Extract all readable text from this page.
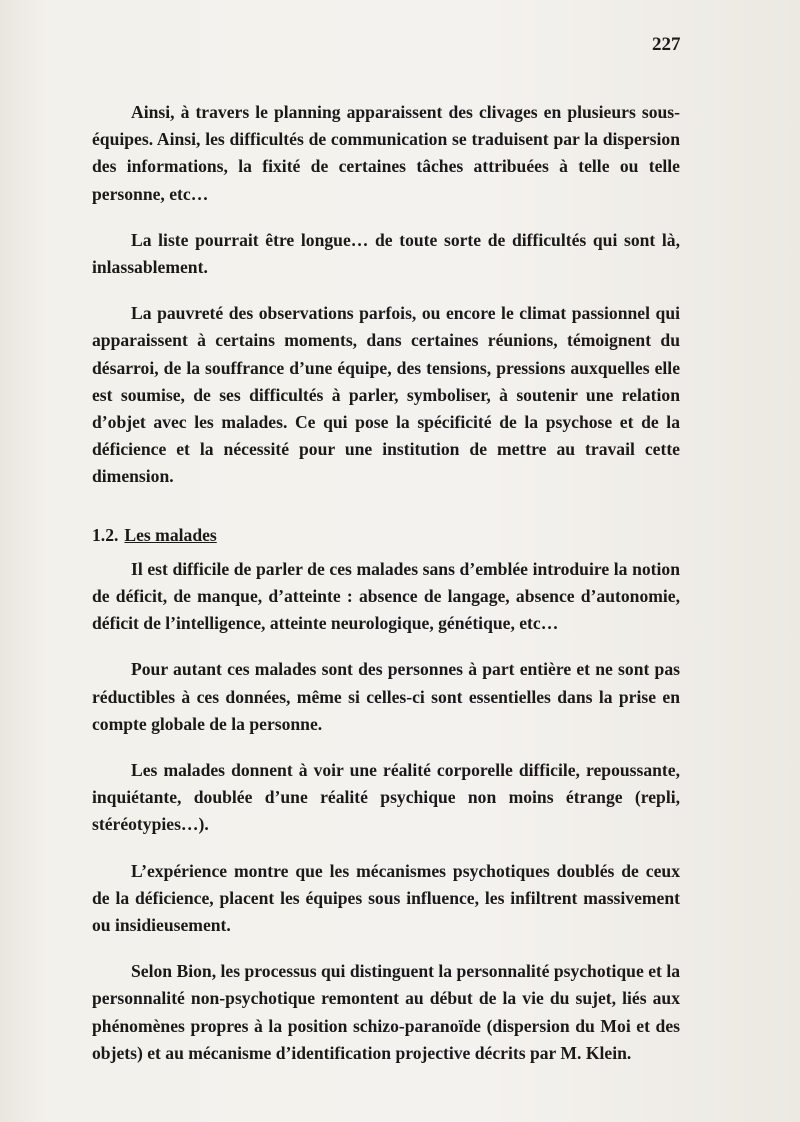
227

Ainsi, à travers le planning apparaissent des clivages en plusieurs sous-équipes. Ainsi, les difficultés de communication se traduisent par la dispersion des informations, la fixité de certaines tâches attribuées à telle ou telle personne, etc…

La liste pourrait être longue… de toute sorte de difficultés qui sont là, inlassablement.

La pauvreté des observations parfois, ou encore le climat passionnel qui apparaissent à certains moments, dans certaines réunions, témoignent du désarroi, de la souffrance d’une équipe, des tensions, pressions auxquelles elle est soumise, de ses difficultés à parler, symboliser, à soutenir une relation d’objet avec les malades. Ce qui pose la spécificité de la psychose et de la déficience et la nécessité pour une institution de mettre au travail cette dimension.

1.2. Les malades

Il est difficile de parler de ces malades sans d’emblée introduire la notion de déficit, de manque, d’atteinte : absence de langage, absence d’autonomie, déficit de l’intelligence, atteinte neurologique, génétique, etc…

Pour autant ces malades sont des personnes à part entière et ne sont pas réductibles à ces données, même si celles-ci sont essentielles dans la prise en compte globale de la personne.

Les malades donnent à voir une réalité corporelle difficile, repoussante, inquiétante, doublée d’une réalité psychique non moins étrange (repli, stéréotypies…).

L’expérience montre que les mécanismes psychotiques doublés de ceux de la déficience, placent les équipes sous influence, les infiltrent massivement ou insidieusement.

Selon Bion, les processus qui distinguent la personnalité psychotique et la personnalité non-psychotique remontent au début de la vie du sujet, liés aux phénomènes propres à la position schizo-paranoïde (dispersion du Moi et des objets) et au mécanisme d’identification projective décrits par M. Klein.
